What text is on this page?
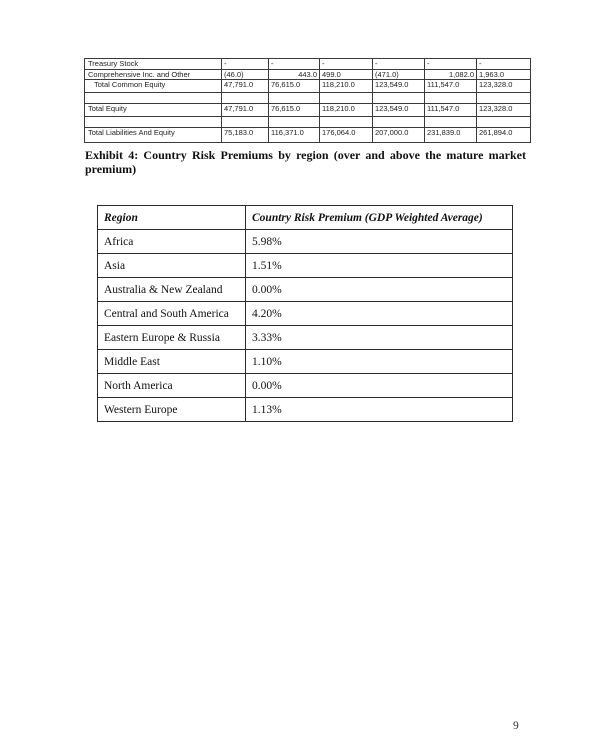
Treasury Stock	-	-	-	-	-	-
Comprehensive Inc. and Other	(46.0)	443.0	499.0	(471.0)	1,082.0	1,963.0
Total Common Equity	47,791.0	76,615.0	118,210.0	123,549.0	111,547.0	123,328.0

Total Equity	47,791.0	76,615.0	118,210.0	123,549.0	111,547.0	123,328.0

Total Liabilities And Equity	75,183.0	116,371.0	176,064.0	207,000.0	231,839.0	261,894.0
Exhibit 4: Country Risk Premiums by region (over and above the mature market premium)
Region	Country Risk Premium (GDP Weighted Average)
Africa	5.98%
Asia	1.51%
Australia & New Zealand	0.00%
Central and South America	4.20%
Eastern Europe & Russia	3.33%
Middle East	1.10%
North America	0.00%
Western Europe	1.13%
9
